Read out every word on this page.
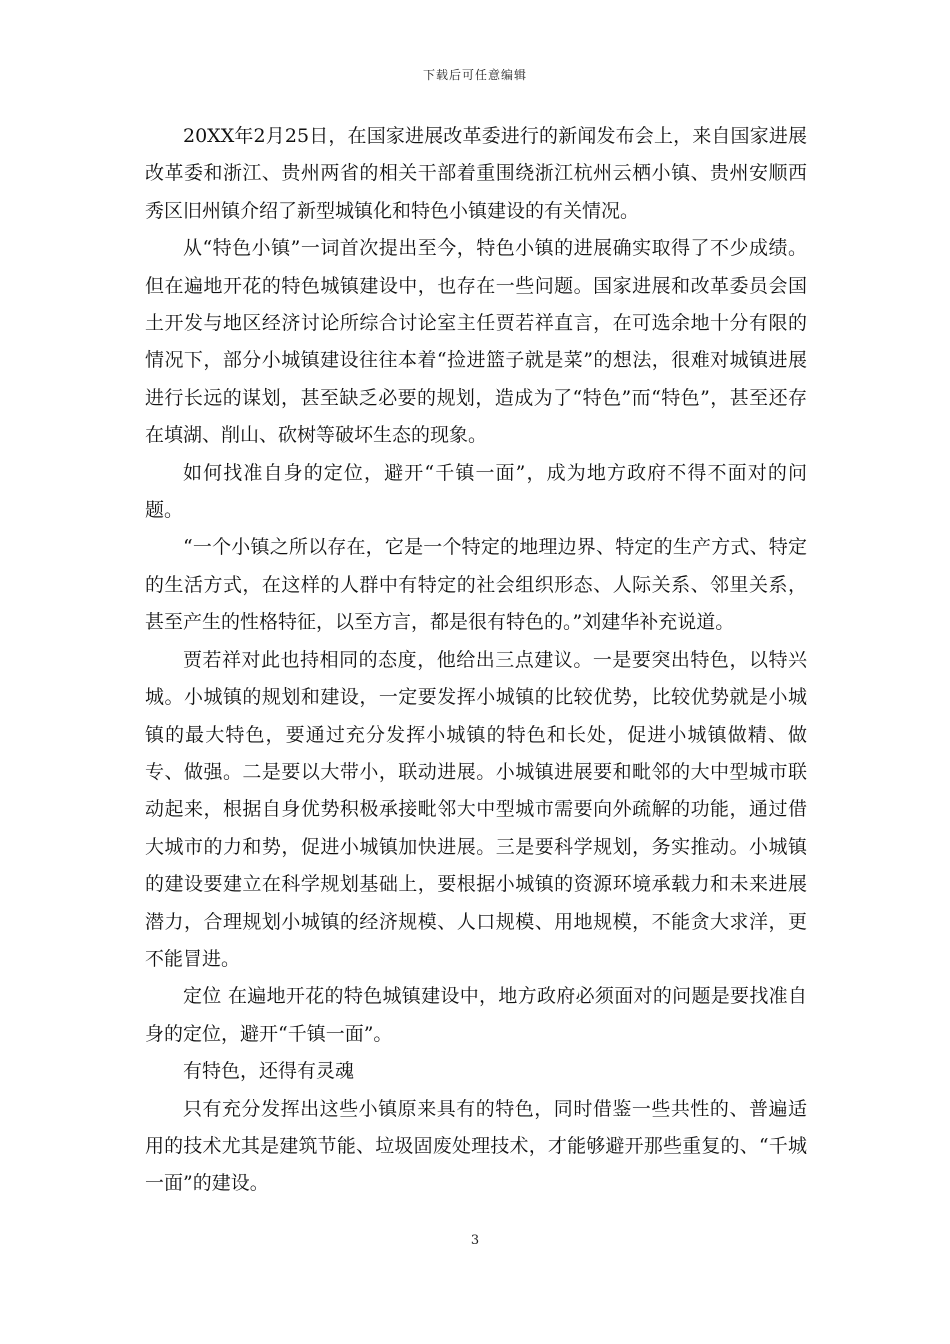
下载后可任意编辑

20XX年2月25日，在国家进展改革委进行的新闻发布会上，来自国家进展改革委和浙江、贵州两省的相关干部着重围绕浙江杭州云栖小镇、贵州安顺西秀区旧州镇介绍了新型城镇化和特色小镇建设的有关情况。

从“特色小镇”一词首次提出至今，特色小镇的进展确实取得了不少成绩。但在遍地开花的特色城镇建设中，也存在一些问题。国家进展和改革委员会国土开发与地区经济讨论所综合讨论室主任贾若祥直言，在可选余地十分有限的情况下，部分小城镇建设往往本着“捡进篮子就是菜”的想法，很难对城镇进展进行长远的谋划，甚至缺乏必要的规划，造成为了“特色”而“特色”，甚至还存在填湖、削山、砍树等破坏生态的现象。

如何找准自身的定位，避开“千镇一面”，成为地方政府不得不面对的问题。

“一个小镇之所以存在，它是一个特定的地理边界、特定的生产方式、特定的生活方式，在这样的人群中有特定的社会组织形态、人际关系、邻里关系，甚至产生的性格特征，以至方言，都是很有特色的。”刘建华补充说道。

贾若祥对此也持相同的态度，他给出三点建议。一是要突出特色，以特兴城。小城镇的规划和建设，一定要发挥小城镇的比较优势，比较优势就是小城镇的最大特色，要通过充分发挥小城镇的特色和长处，促进小城镇做精、做专、做强。二是要以大带小，联动进展。小城镇进展要和毗邻的大中型城市联动起来，根据自身优势积极承接毗邻大中型城市需要向外疏解的功能，通过借大城市的力和势，促进小城镇加快进展。三是要科学规划，务实推动。小城镇的建设要建立在科学规划基础上，要根据小城镇的资源环境承载力和未来进展潜力，合理规划小城镇的经济规模、人口规模、用地规模，不能贪大求洋，更不能冒进。

定位 在遍地开花的特色城镇建设中，地方政府必须面对的问题是要找准自身的定位，避开“千镇一面”。

有特色，还得有灵魂

只有充分发挥出这些小镇原来具有的特色，同时借鉴一些共性的、普遍适用的技术尤其是建筑节能、垃圾固废处理技术，才能够避开那些重复的、“千城一面”的建设。

3
